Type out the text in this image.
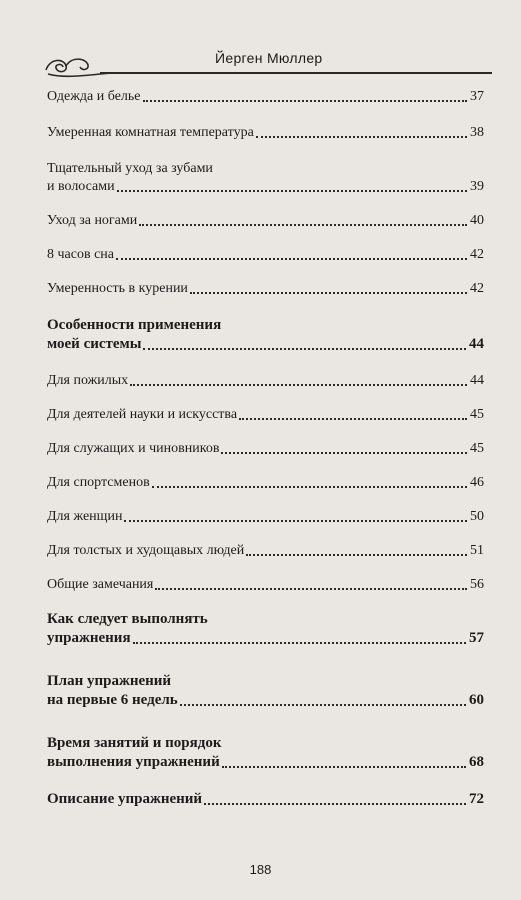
Йерген Мюллер
Одежда и белье	37
Умеренная комнатная температура	38
Тщательный уход за зубами
и волосами	39
Уход за ногами	40
8 часов сна	42
Умеренность в курении	42
Особенности применения
моей системы	44
Для пожилых	44
Для деятелей науки и искусства	45
Для служащих и чиновников	45
Для спортсменов	46
Для женщин	50
Для толстых и худощавых людей	51
Общие замечания	56
Как следует выполнять
упражнения	57
План упражнений
на первые 6 недель	60
Время занятий и порядок
выполнения упражнений	68
Описание упражнений	72
188
